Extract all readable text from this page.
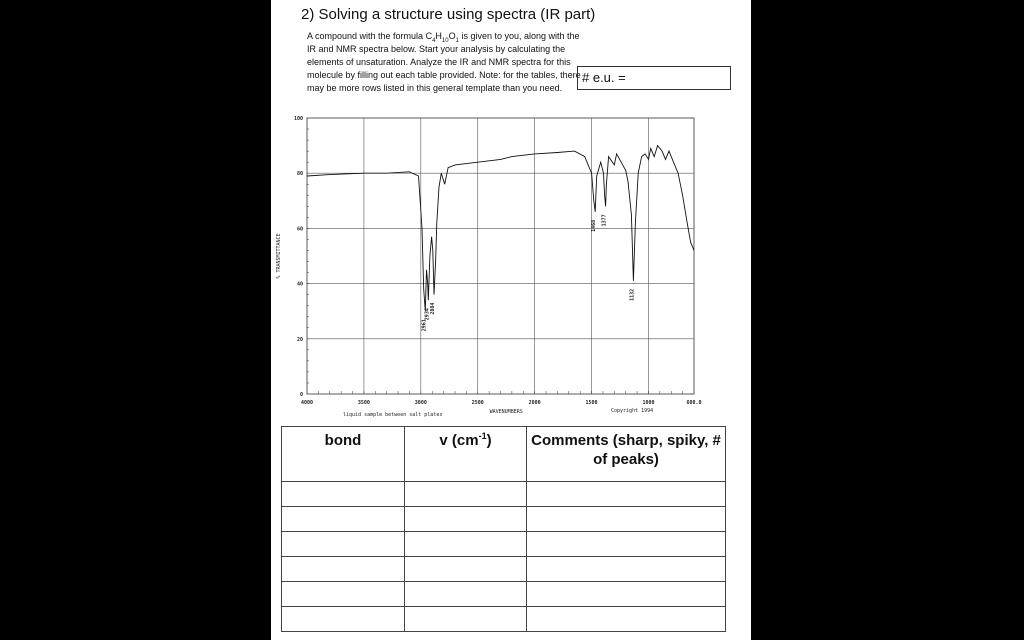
2) Solving a structure using spectra (IR part)
A compound with the formula $C_4H_{10}O_1$ is given to you, along with the IR and NMR spectra below. Start your analysis by calculating the elements of unsaturation. Analyze the IR and NMR spectra for this molecule by filling out each table provided. Note: for the tables, there may be more rows listed in this general template than you need.
# e.u. =
4000	3500	3000	2500	2000	1500	1000	600.0
0
20
40
60
80
100
% TRANSMITTANCE
WAVENUMBERS
liquid sample between salt plates
Copyright 1994
2961
2934 2884
1468 1377
1132
bond	v $(cm^{-1})$	Comments (sharp, spiky, # of peaks)
